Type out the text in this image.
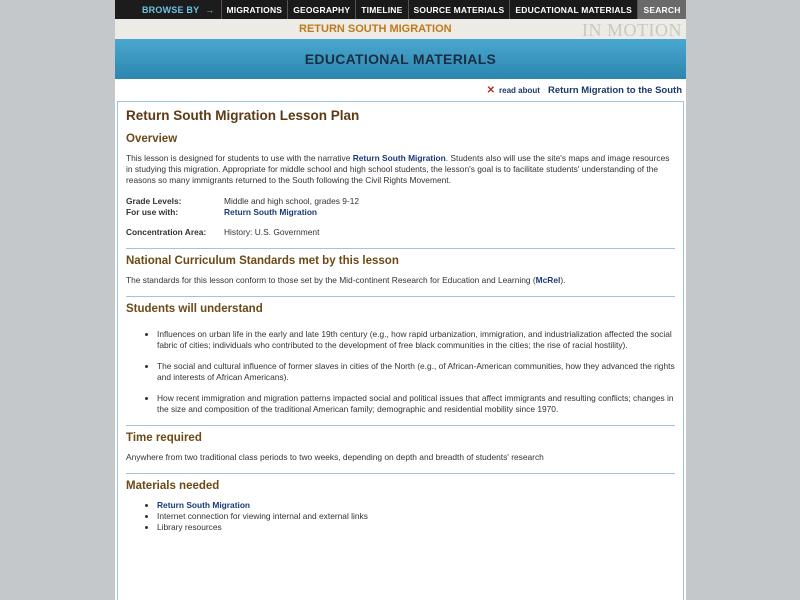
BROWSE BY →	MIGRATIONS	GEOGRAPHY	TIMELINE	SOURCE MATERIALS	EDUCATIONAL MATERIALS	SEARCH
RETURN SOUTH MIGRATION	IN MOTION
EDUCATIONAL MATERIALS
✕ read about Return Migration to the South
Return South Migration Lesson Plan
Overview

This lesson is designed for students to use with the narrative Return South Migration. Students also will use the site's maps and image resources in studying this migration. Appropriate for middle school and high school students, the lesson's goal is to facilitate students' understanding of the reasons so many immigrants returned to the South following the Civil Rights Movement.

Grade Levels:	Middle and high school, grades 9-12
For use with:	Return South Migration
Concentration Area:	History: U.S. Government
National Curriculum Standards met by this lesson

The standards for this lesson conform to those set by the Mid-continent Research for Education and Learning (McRel).

Students will understand
• Influences on urban life in the early and late 19th century (e.g., how rapid urbanization, immigration, and industrialization affected the social fabric of cities; individuals who contributed to the development of free black communities in the cities; the rise of racial hostility).
• The social and cultural influence of former slaves in cities of the North (e.g., of African-American communities, how they advanced the rights and interests of African Americans).
• How recent immigration and migration patterns impacted social and political issues that affect immigrants and resulting conflicts; changes in the size and composition of the traditional American family; demographic and residential mobility since 1970.
Time required

Anywhere from two traditional class periods to two weeks, depending on depth and breadth of students' research

Materials needed
• Return South Migration
• Internet connection for viewing internal and external links
• Library resources
